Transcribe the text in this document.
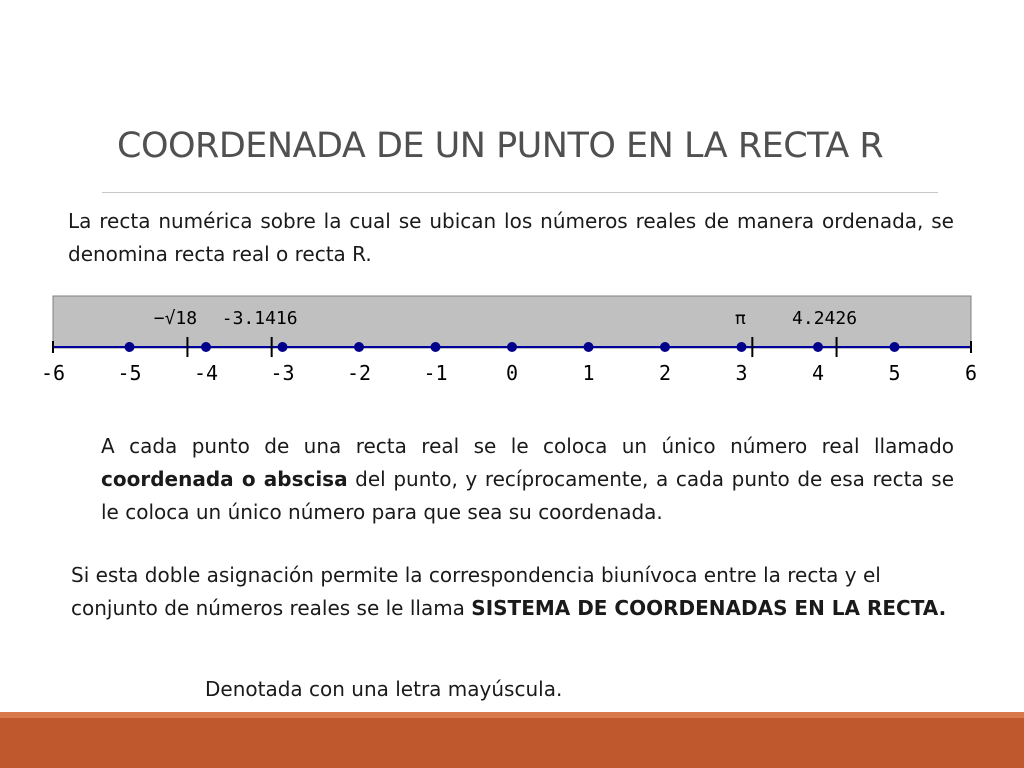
COORDENADA DE UN PUNTO EN LA RECTA R
La recta numérica sobre la cual se ubican los números reales de manera ordenada, se denomina recta real o recta R.
−√18 -3.1416	π	4.2426
-6	-5	-4	-3	-2	-1	0	1	2	3	4	5	6
A cada punto de una recta real se le coloca un único número real llamado coordenada o abscisa del punto, y recíprocamente, a cada punto de esa recta se le coloca un único número para que sea su coordenada.
Si esta doble asignación permite la correspondencia biunívoca entre la recta y el conjunto de números reales se le llama SISTEMA DE COORDENADAS EN LA RECTA.
Denotada con una letra mayúscula.
